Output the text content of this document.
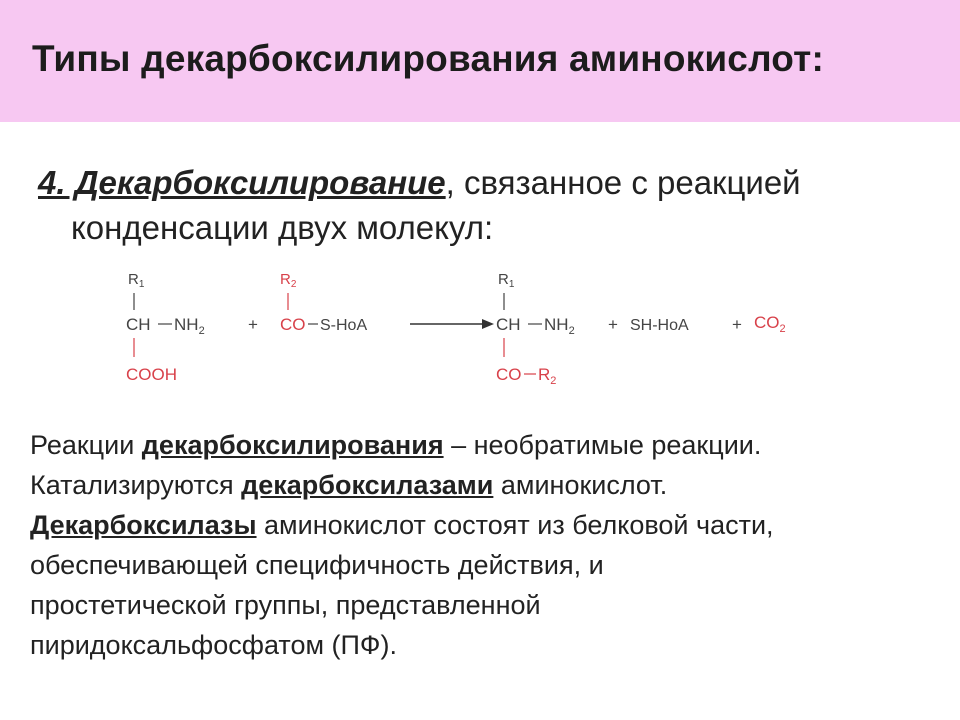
Типы декарбоксилирования аминокислот:
4. Декарбоксилирование, связанное с реакцией
конденсации двух молекул:
$R_1$
CH $NH_2$
COOH
+
$R_2$
CO S-HoA
$R_1$
CH $NH_2$
CO $R_2$
+ SH-HoA	+ $CO_2$
Реакции декарбоксилирования – необратимые реакции.
Катализируются декарбоксилазами аминокислот.
Декарбоксилазы аминокислот состоят из белковой части,
обеспечивающей специфичность действия, и
простетической группы, представленной
пиридоксальфосфатом (ПФ).
